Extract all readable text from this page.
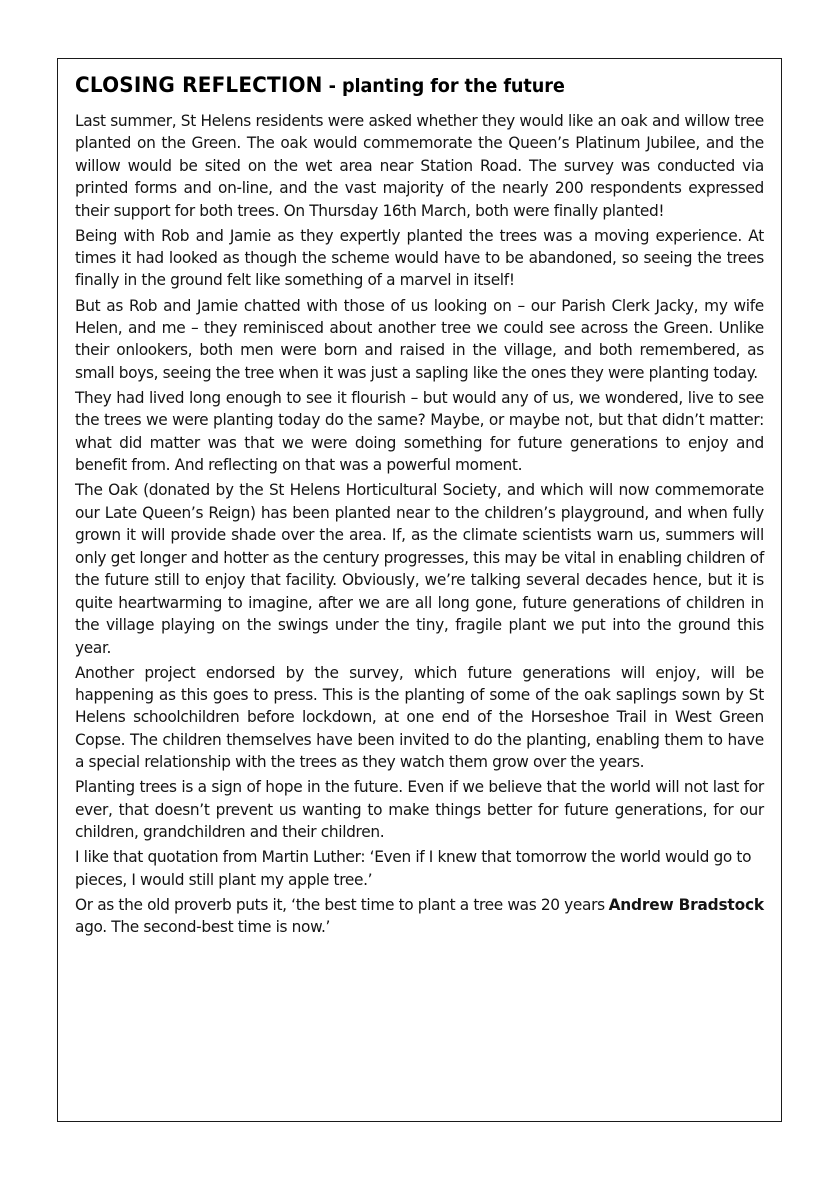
CLOSING REFLECTION - planting for the future

Last summer, St Helens residents were asked whether they would like an oak and willow tree planted on the Green. The oak would commemorate the Queen’s Platinum Jubilee, and the willow would be sited on the wet area near Station Road. The survey was conducted via printed forms and on-line, and the vast majority of the nearly 200 respondents expressed their support for both trees. On Thursday 16th March, both were finally planted!

Being with Rob and Jamie as they expertly planted the trees was a moving experience. At times it had looked as though the scheme would have to be abandoned, so seeing the trees finally in the ground felt like something of a marvel in itself!

But as Rob and Jamie chatted with those of us looking on – our Parish Clerk Jacky, my wife Helen, and me – they reminisced about another tree we could see across the Green. Unlike their onlookers, both men were born and raised in the village, and both remembered, as small boys, seeing the tree when it was just a sapling like the ones they were planting today.

They had lived long enough to see it flourish – but would any of us, we wondered, live to see the trees we were planting today do the same? Maybe, or maybe not, but that didn’t matter: what did matter was that we were doing something for future generations to enjoy and benefit from. And reflecting on that was a powerful moment.

The Oak (donated by the St Helens Horticultural Society, and which will now commemorate our Late Queen’s Reign) has been planted near to the children’s playground, and when fully grown it will provide shade over the area. If, as the climate scientists warn us, summers will only get longer and hotter as the century progresses, this may be vital in enabling children of the future still to enjoy that facility. Obviously, we’re talking several decades hence, but it is quite heartwarming to imagine, after we are all long gone, future generations of children in the village playing on the swings under the tiny, fragile plant we put into the ground this year.

Another project endorsed by the survey, which future generations will enjoy, will be happening as this goes to press. This is the planting of some of the oak saplings sown by St Helens schoolchildren before lockdown, at one end of the Horseshoe Trail in West Green Copse. The children themselves have been invited to do the planting, enabling them to have a special relationship with the trees as they watch them grow over the years.

Planting trees is a sign of hope in the future. Even if we believe that the world will not last for ever, that doesn’t prevent us wanting to make things better for future generations, for our children, grandchildren and their children.

I like that quotation from Martin Luther: ‘Even if I knew that tomorrow the world would go to pieces, I would still plant my apple tree.’

Andrew Bradstock
Or as the old proverb puts it, ‘the best time to plant a tree was 20 years ago. The second-best time is now.’
